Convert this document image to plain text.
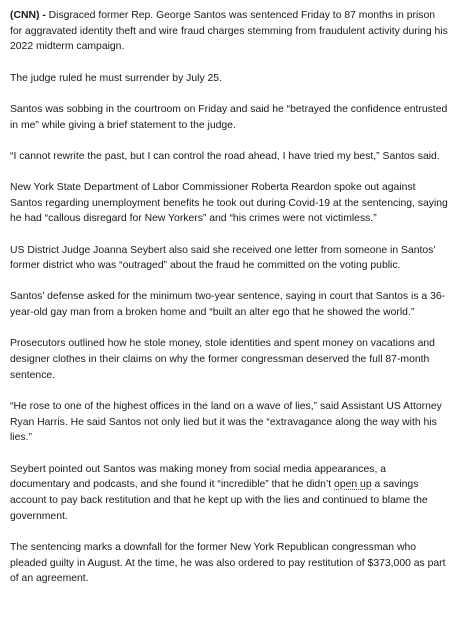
(CNN) - Disgraced former Rep. George Santos was sentenced Friday to 87 months in prison for aggravated identity theft and wire fraud charges stemming from fraudulent activity during his 2022 midterm campaign.

The judge ruled he must surrender by July 25.

Santos was sobbing in the courtroom on Friday and said he “betrayed the confidence entrusted in me” while giving a brief statement to the judge.

“I cannot rewrite the past, but I can control the road ahead, I have tried my best,” Santos said.

New York State Department of Labor Commissioner Roberta Reardon spoke out against Santos regarding unemployment benefits he took out during Covid-19 at the sentencing, saying he had “callous disregard for New Yorkers” and “his crimes were not victimless.”

US District Judge Joanna Seybert also said she received one letter from someone in Santos’ former district who was “outraged” about the fraud he committed on the voting public.

Santos’ defense asked for the minimum two-year sentence, saying in court that Santos is a 36-year-old gay man from a broken home and “built an alter ego that he showed the world.”

Prosecutors outlined how he stole money, stole identities and spent money on vacations and designer clothes in their claims on why the former congressman deserved the full 87-month sentence.

“He rose to one of the highest offices in the land on a wave of lies,” said Assistant US Attorney Ryan Harris. He said Santos not only lied but it was the “extravagance along the way with his lies.”

Seybert pointed out Santos was making money from social media appearances, a documentary and podcasts, and she found it “incredible” that he didn’t open up a savings account to pay back restitution and that he kept up with the lies and continued to blame the government.

The sentencing marks a downfall for the former New York Republican congressman who pleaded guilty in August. At the time, he was also ordered to pay restitution of $373,000 as part of an agreement.
